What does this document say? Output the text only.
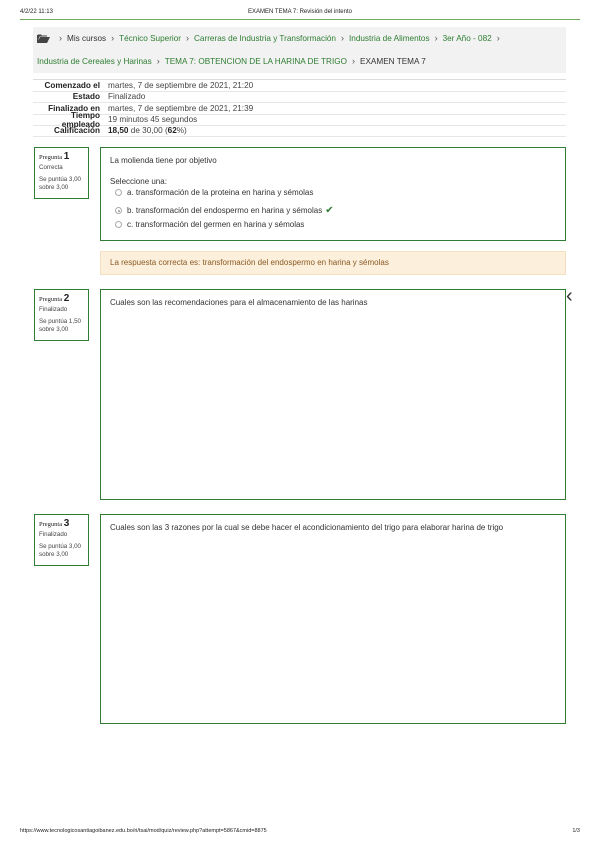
4/2/22 11:13	EXAMEN TEMA 7: Revisión del intento
› Mis cursos › Técnico Superior › Carreras de Industria y Transformación › Industria de Alimentos › 3er Año - 082 ›
Industria de Cereales y Harinas › TEMA 7: OBTENCION DE LA HARINA DE TRIGO › EXAMEN TEMA 7
Comenzado el martes, 7 de septiembre de 2021, 21:20
Estado Finalizado
Finalizado en martes, 7 de septiembre de 2021, 21:39
Tiempo empleado 19 minutos 45 segundos
Calificación 18,50 de 30,00 (62%)
Pregunta 1
Correcta
Se puntúa 3,00 sobre 3,00
La molienda tiene por objetivo
Seleccione una:
a. transformación de la proteina en harina y sémolas
b. transformación del endospermo en harina y sémolas ✔
c. transformación del germen en harina y sémolas
La respuesta correcta es: transformación del endospermo en harina y sémolas
Pregunta 2
Finalizado
Se puntúa 1,50 sobre 3,00
Cuales son las recomendaciones para el almacenamiento de las harinas	‹
Pregunta 3
Finalizado
Se puntúa 3,00 sobre 3,00
Cuales son las 3 razones por la cual se debe hacer el acondicionamiento del trigo para elaborar harina de trigo
https://www.tecnologicosantiagoibanez.edu.bo/ri/tsai/mod/quiz/review.php?attempt=5867&cmid=8875	1/3
